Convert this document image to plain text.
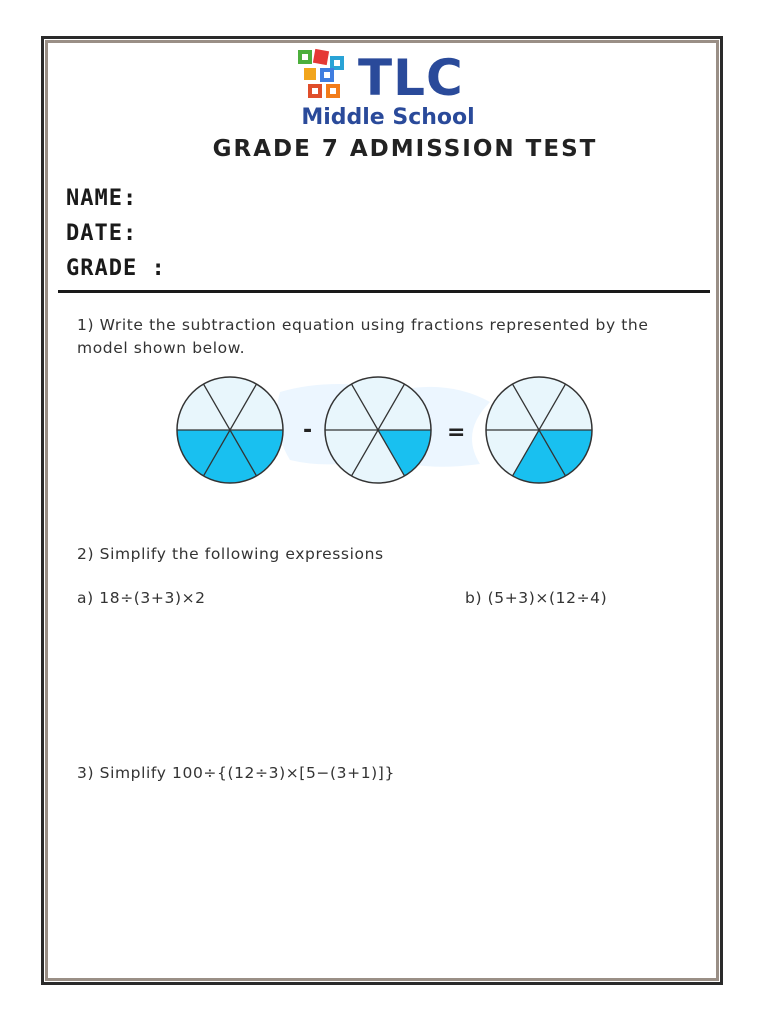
TLC
Middle School
GRADE 7 ADMISSION TEST
NAME:
DATE:
GRADE :
1) Write the subtraction equation using fractions represented by the model shown below.
-	=
2) Simplify the following expressions
a) 18÷(3+3)×2	b) (5+3)×(12÷4)
3) Simplify 100÷{(12÷3)×[5−(3+1)]}
